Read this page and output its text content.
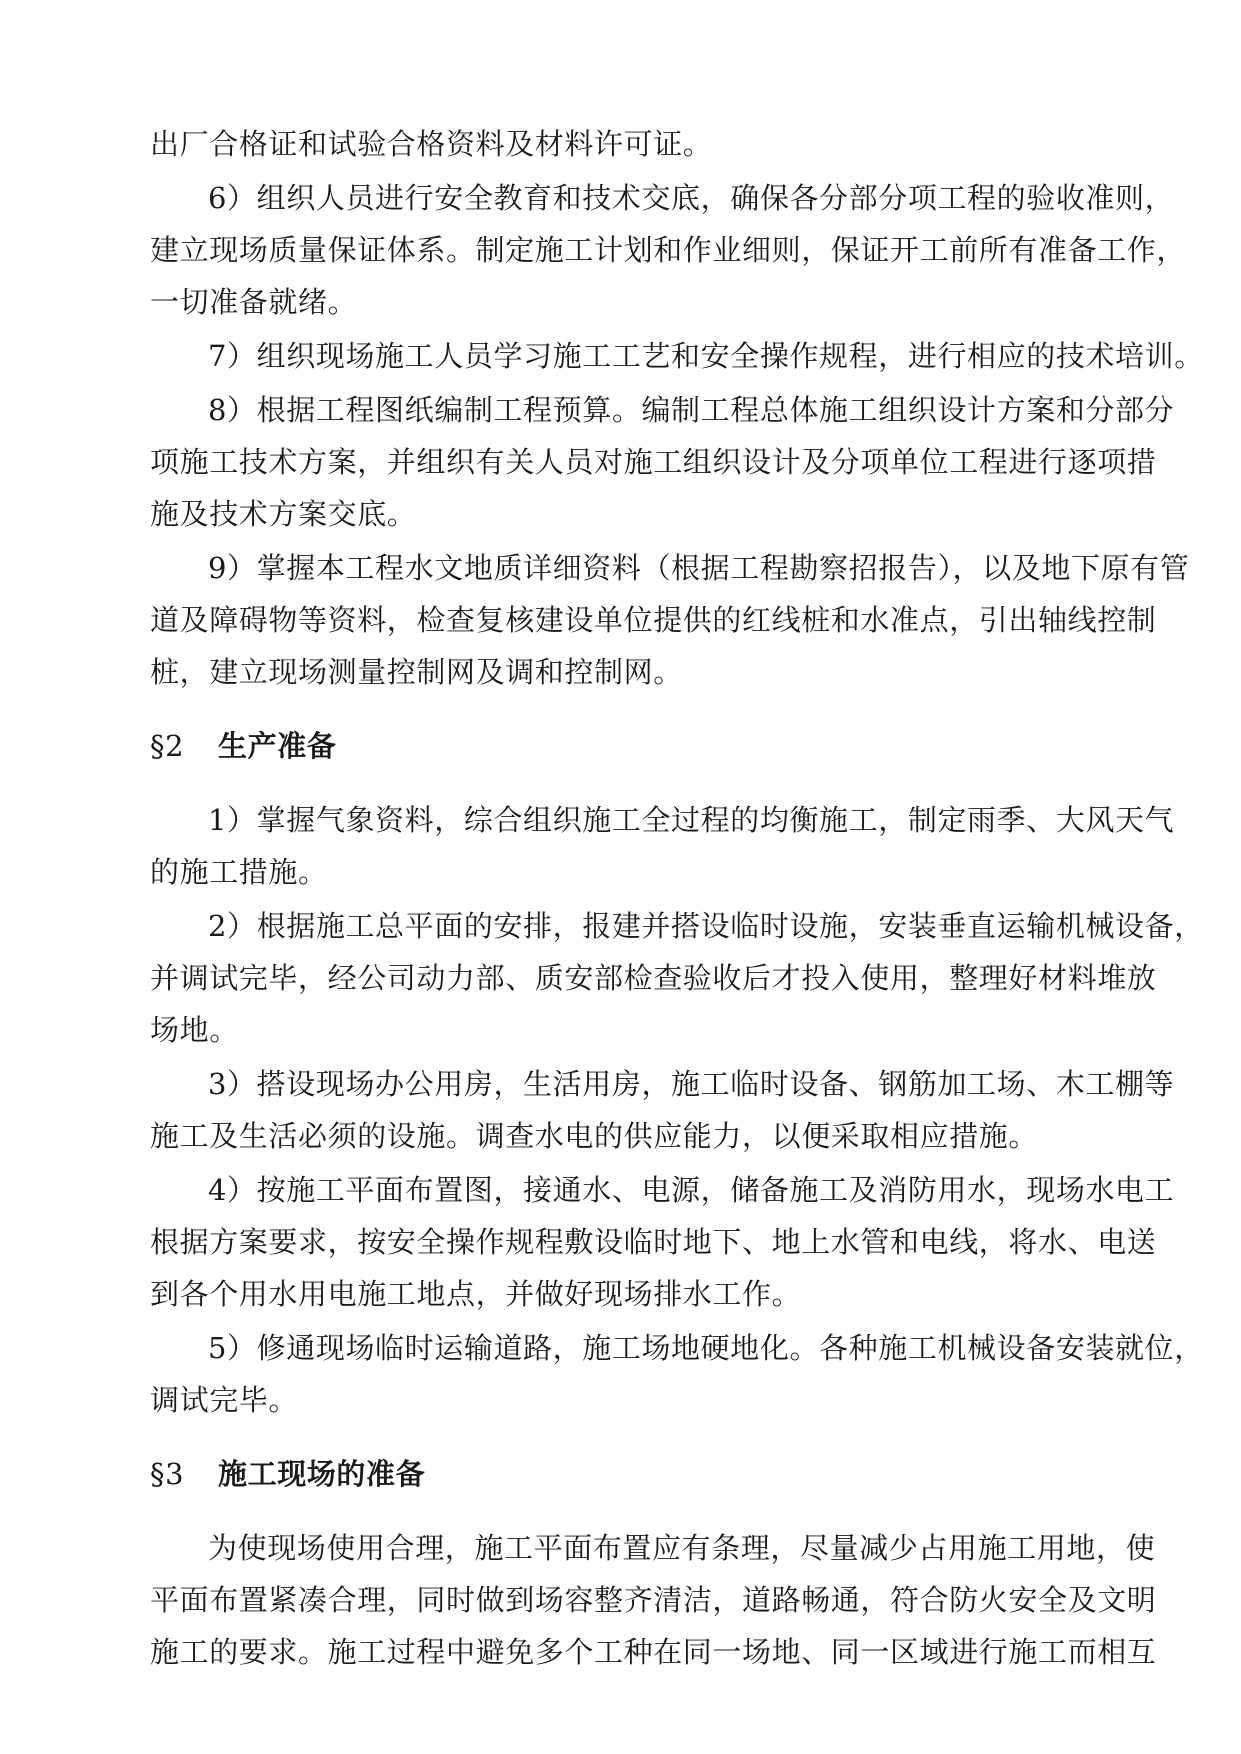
出厂合格证和试验合格资料及材料许可证。
6）组织人员进行安全教育和技术交底，确保各分部分项工程的验收准则，
建立现场质量保证体系。制定施工计划和作业细则，保证开工前所有准备工作，
一切准备就绪。
7）组织现场施工人员学习施工工艺和安全操作规程，进行相应的技术培训。
8）根据工程图纸编制工程预算。编制工程总体施工组织设计方案和分部分
项施工技术方案，并组织有关人员对施工组织设计及分项单位工程进行逐项措
施及技术方案交底。
9）掌握本工程水文地质详细资料（根据工程勘察招报告），以及地下原有管
道及障碍物等资料，检查复核建设单位提供的红线桩和水准点，引出轴线控制
桩，建立现场测量控制网及调和控制网。
§2 生产准备
1）掌握气象资料，综合组织施工全过程的均衡施工，制定雨季、大风天气
的施工措施。
2）根据施工总平面的安排，报建并搭设临时设施，安装垂直运输机械设备，
并调试完毕，经公司动力部、质安部检查验收后才投入使用，整理好材料堆放
场地。
3）搭设现场办公用房，生活用房，施工临时设备、钢筋加工场、木工棚等
施工及生活必须的设施。调查水电的供应能力，以便采取相应措施。
4）按施工平面布置图，接通水、电源，储备施工及消防用水，现场水电工
根据方案要求，按安全操作规程敷设临时地下、地上水管和电线，将水、电送
到各个用水用电施工地点，并做好现场排水工作。
5）修通现场临时运输道路，施工场地硬地化。各种施工机械设备安装就位，
调试完毕。
§3 施工现场的准备
为使现场使用合理，施工平面布置应有条理，尽量减少占用施工用地，使
平面布置紧凑合理，同时做到场容整齐清洁，道路畅通，符合防火安全及文明
施工的要求。施工过程中避免多个工种在同一场地、同一区域进行施工而相互
